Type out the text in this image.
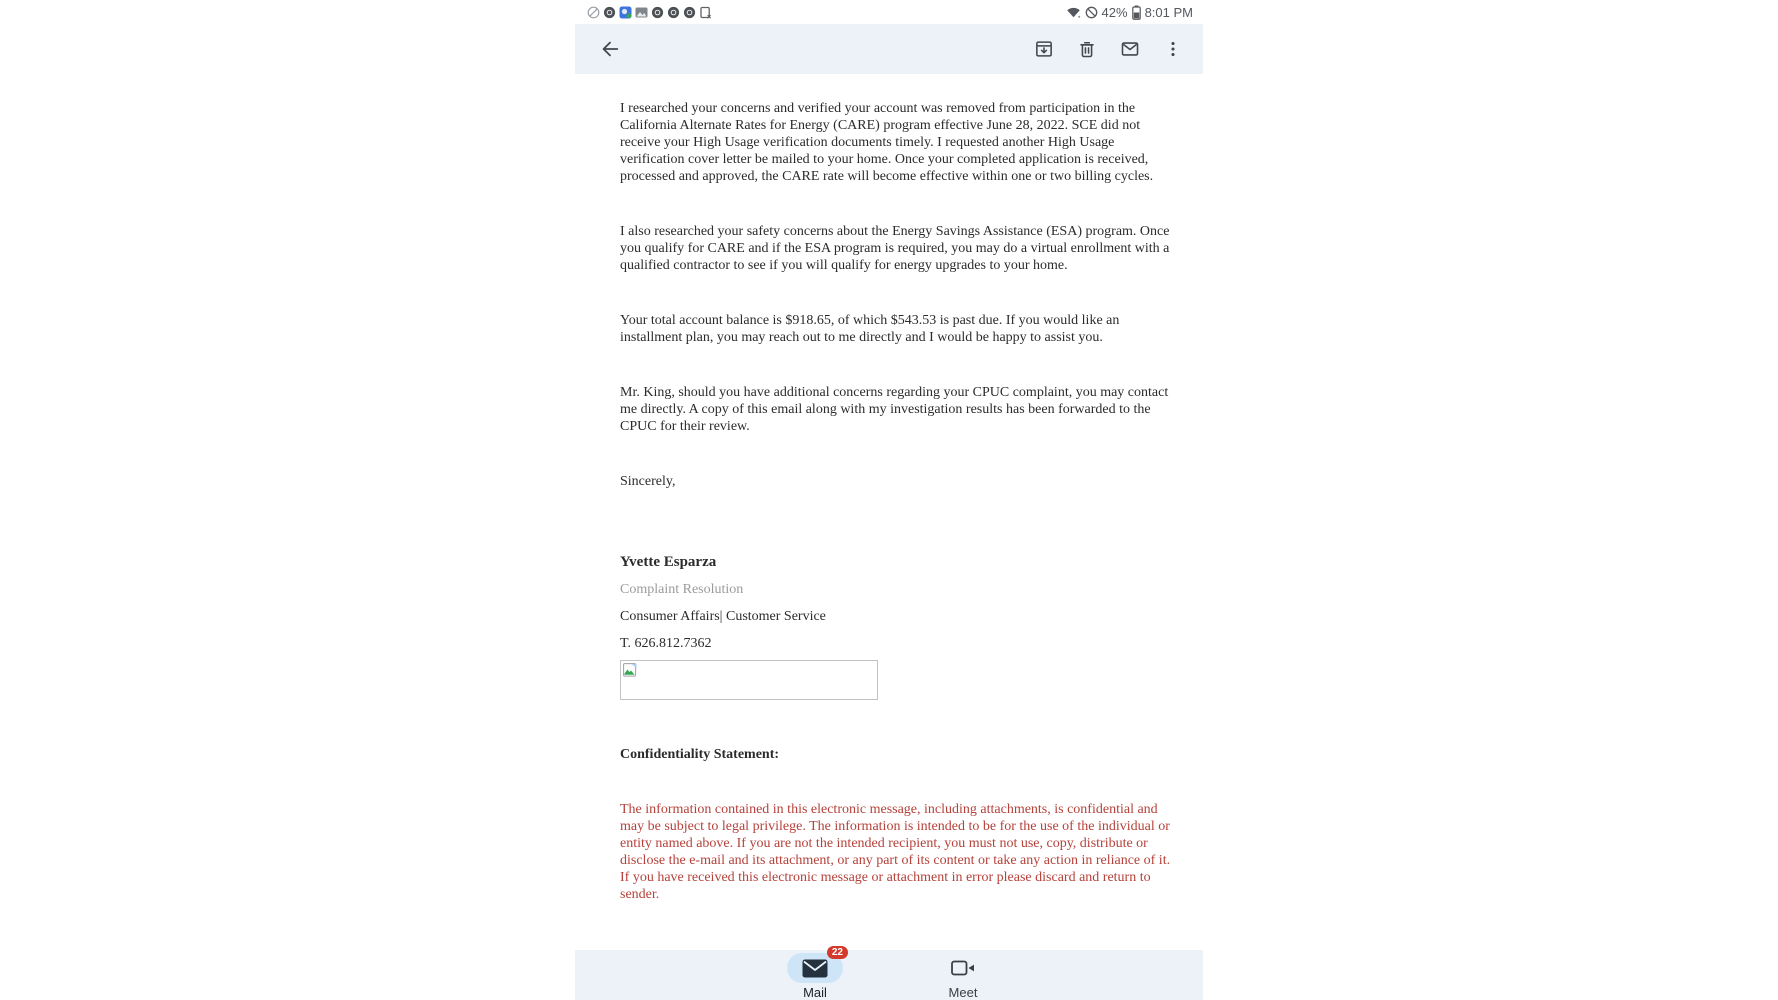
42% 8:01 PM

I researched your concerns and verified your account was removed from participation in the California Alternate Rates for Energy (CARE) program effective June 28, 2022. SCE did not receive your High Usage verification documents timely. I requested another High Usage verification cover letter be mailed to your home. Once your completed application is received, processed and approved, the CARE rate will become effective within one or two billing cycles.

I also researched your safety concerns about the Energy Savings Assistance (ESA) program. Once you qualify for CARE and if the ESA program is required, you may do a virtual enrollment with a qualified contractor to see if you will qualify for energy upgrades to your home.

Your total account balance is $918.65, of which $543.53 is past due. If you would like an installment plan, you may reach out to me directly and I would be happy to assist you.

Mr. King, should you have additional concerns regarding your CPUC complaint, you may contact me directly. A copy of this email along with my investigation results has been forwarded to the CPUC for their review.

Sincerely,

Yvette Esparza

Complaint Resolution

Consumer Affairs| Customer Service

T. 626.812.7362

Confidentiality Statement:

The information contained in this electronic message, including attachments, is confidential and may be subject to legal privilege. The information is intended to be for the use of the individual or entity named above. If you are not the intended recipient, you must not use, copy, distribute or disclose the e-mail and its attachment, or any part of its content or take any action in reliance of it. If you have received this electronic message or attachment in error please discard and return to sender.

22
Mail	Meet
